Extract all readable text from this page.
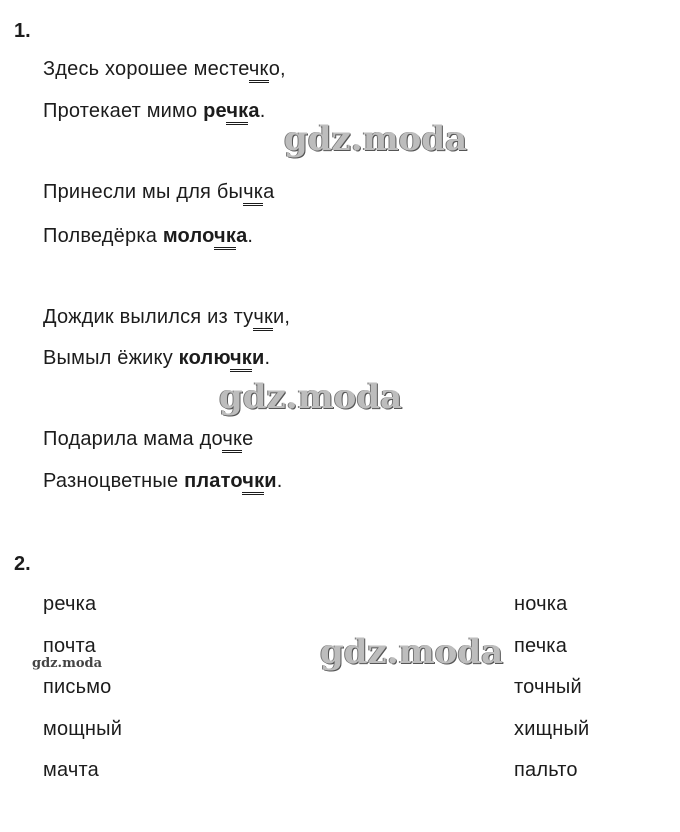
1.
Здесь хорошее местечко,
Протекает мимо речка.
Принесли мы для бычка
Полведёрка молочка.
Дождик вылился из тучки,
Вымыл ёжику колючки.
Подарила мама дочке
Разноцветные платочки.
2.
речка
почта
письмо
мощный
мачта
ночка
печка
точный
хищный
пальто
gdz.moda
gdz.moda
gdz.moda
gdz.moda
